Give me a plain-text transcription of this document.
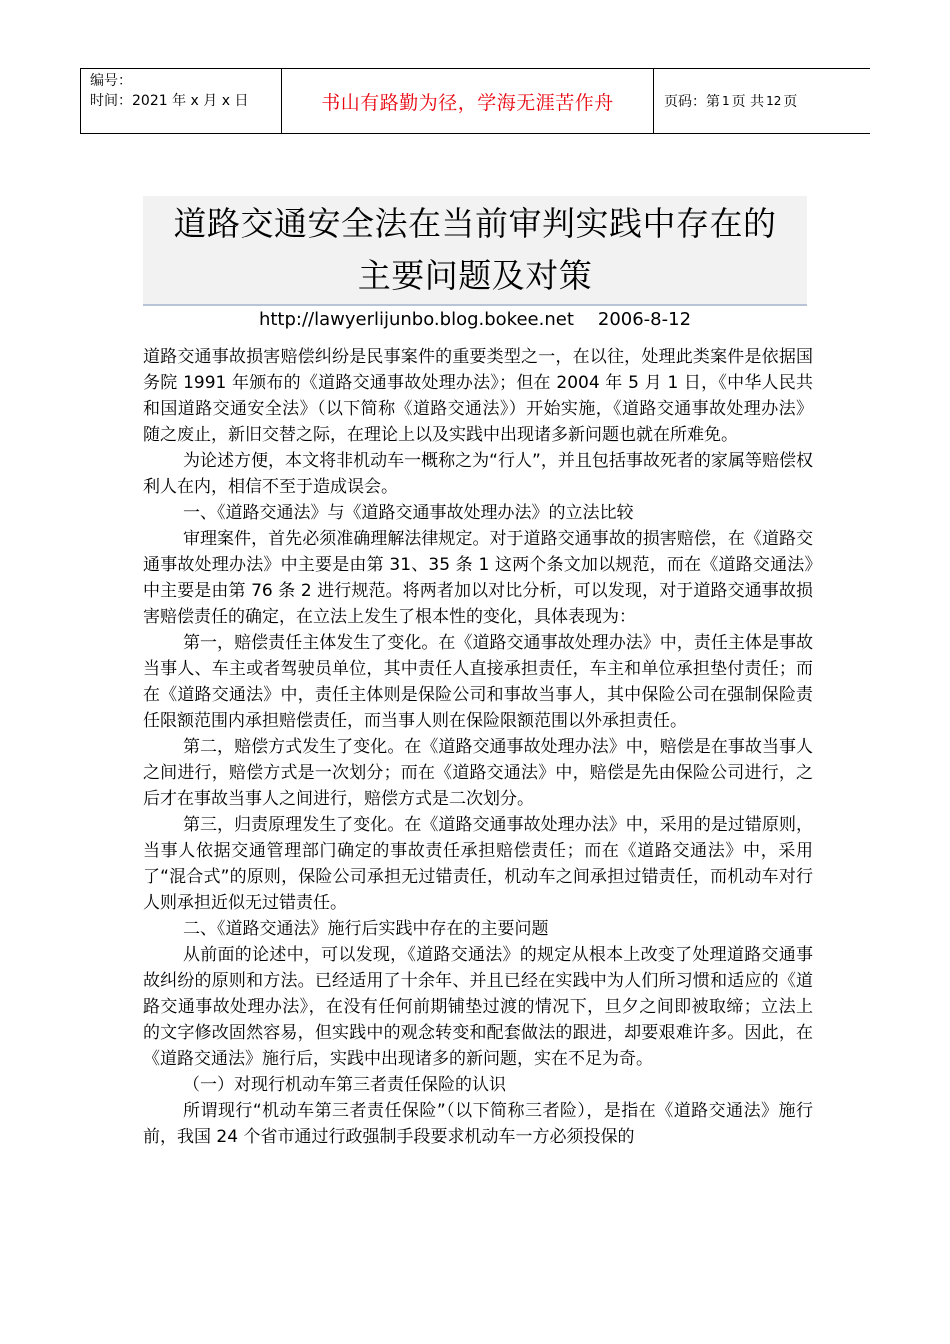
编号：
时间：2021 年 x 月 x 日	书山有路勤为径，学海无涯苦作舟	页码：第 1 页 共 12 页
道路交通安全法在当前审判实践中存在的
主要问题及对策
http://lawyerlijunbo.blog.bokee.net 2006-8-12

道路交通事故损害赔偿纠纷是民事案件的重要类型之一，在以往，处理此类案件是依据国务院 1991 年颁布的《道路交通事故处理办法》；但在 2004 年 5 月 1 日，《中华人民共和国道路交通安全法》（以下简称《道路交通法》）开始实施，《道路交通事故处理办法》随之废止，新旧交替之际，在理论上以及实践中出现诸多新问题也就在所难免。

为论述方便，本文将非机动车一概称之为“行人”，并且包括事故死者的家属等赔偿权利人在内，相信不至于造成误会。

一、《道路交通法》与《道路交通事故处理办法》的立法比较

审理案件，首先必须准确理解法律规定。对于道路交通事故的损害赔偿，在《道路交通事故处理办法》中主要是由第 31、35 条 1 这两个条文加以规范，而在《道路交通法》中主要是由第 76 条 2 进行规范。将两者加以对比分析，可以发现，对于道路交通事故损害赔偿责任的确定，在立法上发生了根本性的变化，具体表现为：

第一，赔偿责任主体发生了变化。在《道路交通事故处理办法》中，责任主体是事故当事人、车主或者驾驶员单位，其中责任人直接承担责任，车主和单位承担垫付责任；而在《道路交通法》中，责任主体则是保险公司和事故当事人，其中保险公司在强制保险责任限额范围内承担赔偿责任，而当事人则在保险限额范围以外承担责任。

第二，赔偿方式发生了变化。在《道路交通事故处理办法》中，赔偿是在事故当事人之间进行，赔偿方式是一次划分；而在《道路交通法》中，赔偿是先由保险公司进行，之后才在事故当事人之间进行，赔偿方式是二次划分。

第三，归责原理发生了变化。在《道路交通事故处理办法》中，采用的是过错原则，当事人依据交通管理部门确定的事故责任承担赔偿责任；而在《道路交通法》中，采用了“混合式”的原则，保险公司承担无过错责任，机动车之间承担过错责任，而机动车对行人则承担近似无过错责任。

二、《道路交通法》施行后实践中存在的主要问题

从前面的论述中，可以发现，《道路交通法》的规定从根本上改变了处理道路交通事故纠纷的原则和方法。已经适用了十余年、并且已经在实践中为人们所习惯和适应的《道路交通事故处理办法》，在没有任何前期铺垫过渡的情况下，旦夕之间即被取缔；立法上的文字修改固然容易，但实践中的观念转变和配套做法的跟进，却要艰难许多。因此，在《道路交通法》施行后，实践中出现诸多的新问题，实在不足为奇。

（一）对现行机动车第三者责任保险的认识

所谓现行“机动车第三者责任保险”（以下简称三者险），是指在《道路交通法》施行前，我国 24 个省市通过行政强制手段要求机动车一方必须投保的
